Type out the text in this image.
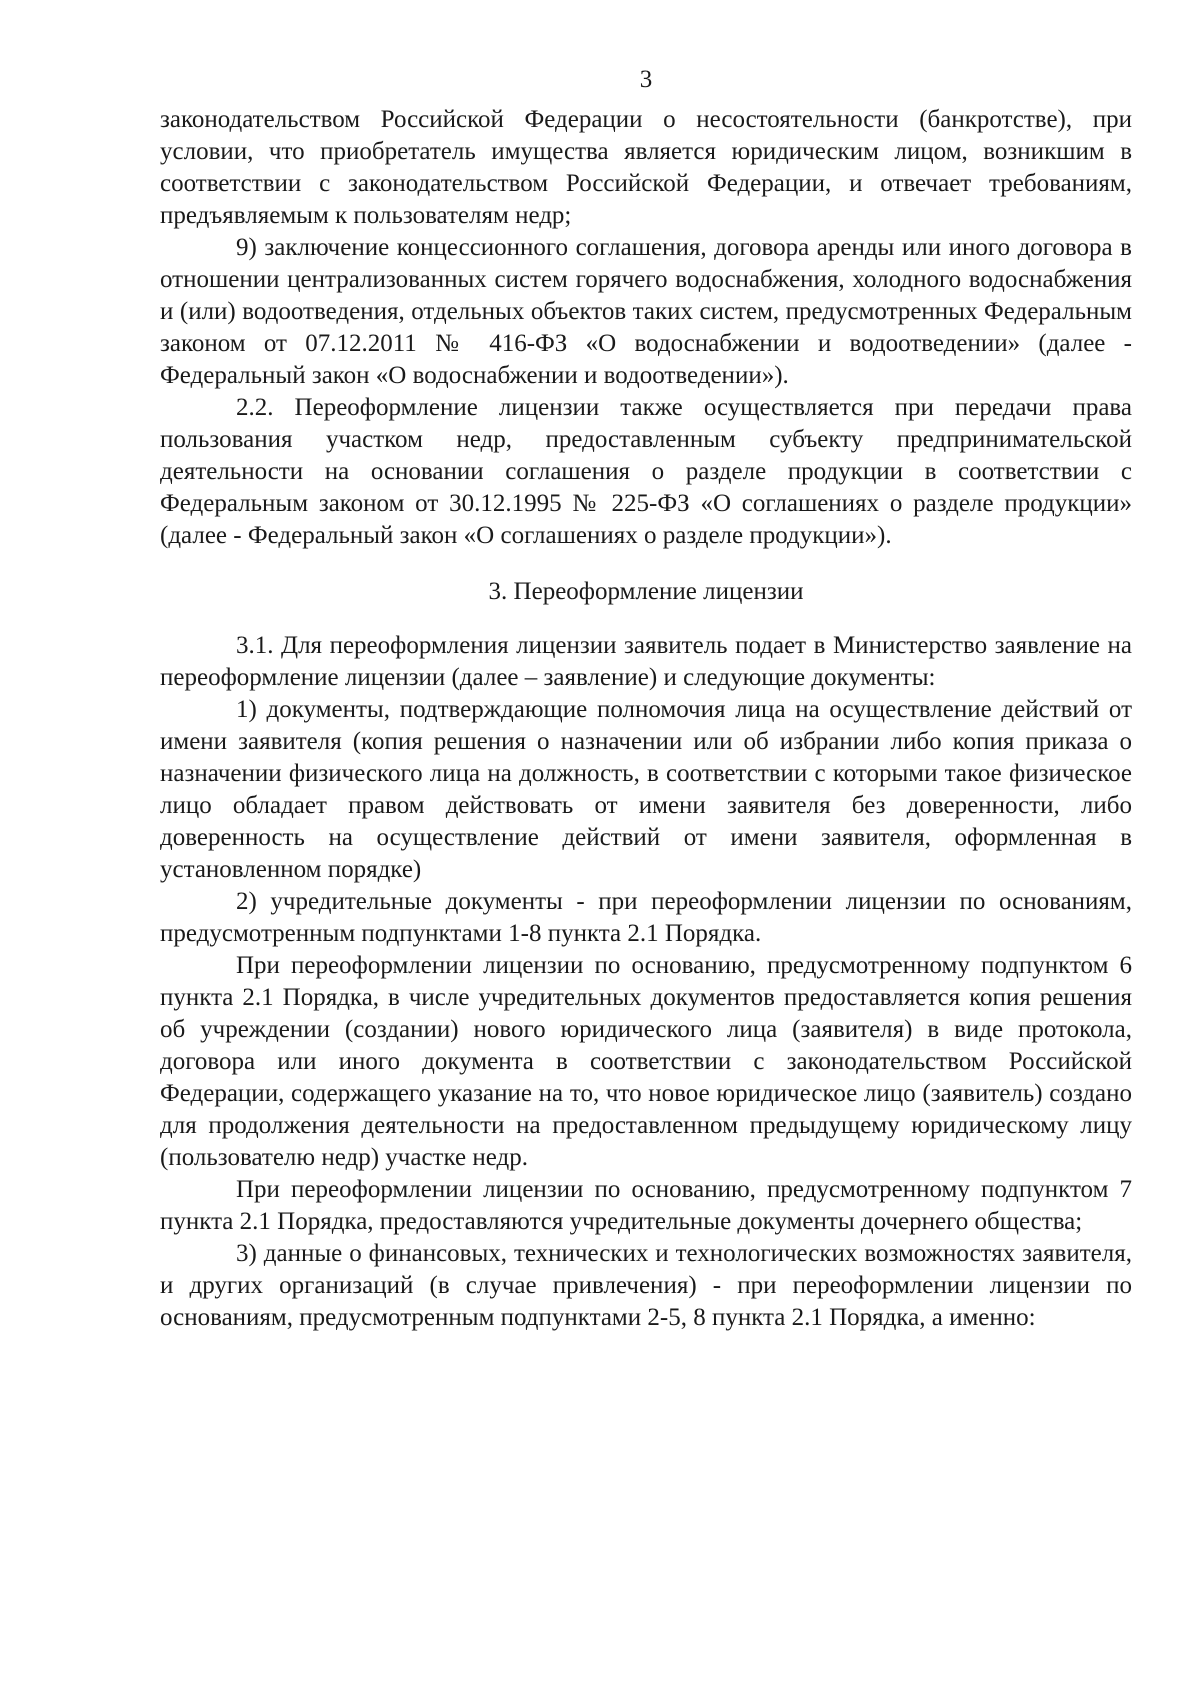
3

законодательством Российской Федерации о несостоятельности (банкротстве), при условии, что приобретатель имущества является юридическим лицом, возникшим в соответствии с законодательством Российской Федерации, и отвечает требованиям, предъявляемым к пользователям недр;

9) заключение концессионного соглашения, договора аренды или иного договора в отношении централизованных систем горячего водоснабжения, холодного водоснабжения и (или) водоотведения, отдельных объектов таких систем, предусмотренных Федеральным законом от 07.12.2011 № 416-ФЗ «О водоснабжении и водоотведении» (далее - Федеральный закон «О водоснабжении и водоотведении»).

2.2. Переоформление лицензии также осуществляется при передачи права пользования участком недр, предоставленным субъекту предпринимательской деятельности на основании соглашения о разделе продукции в соответствии с Федеральным законом от 30.12.1995 № 225-ФЗ «О соглашениях о разделе продукции» (далее - Федеральный закон «О соглашениях о разделе продукции»).

3. Переоформление лицензии

3.1. Для переоформления лицензии заявитель подает в Министерство заявление на переоформление лицензии (далее – заявление) и следующие документы:

1) документы, подтверждающие полномочия лица на осуществление действий от имени заявителя (копия решения о назначении или об избрании либо копия приказа о назначении физического лица на должность, в соответствии с которыми такое физическое лицо обладает правом действовать от имени заявителя без доверенности, либо доверенность на осуществление действий от имени заявителя, оформленная в установленном порядке)

2) учредительные документы - при переоформлении лицензии по основаниям, предусмотренным подпунктами 1-8 пункта 2.1 Порядка.

При переоформлении лицензии по основанию, предусмотренному подпунктом 6 пункта 2.1 Порядка, в числе учредительных документов предоставляется копия решения об учреждении (создании) нового юридического лица (заявителя) в виде протокола, договора или иного документа в соответствии с законодательством Российской Федерации, содержащего указание на то, что новое юридическое лицо (заявитель) создано для продолжения деятельности на предоставленном предыдущему юридическому лицу (пользователю недр) участке недр.

При переоформлении лицензии по основанию, предусмотренному подпунктом 7 пункта 2.1 Порядка, предоставляются учредительные документы дочернего общества;

3) данные о финансовых, технических и технологических возможностях заявителя, и других организаций (в случае привлечения) - при переоформлении лицензии по основаниям, предусмотренным подпунктами 2-5, 8 пункта 2.1 Порядка, а именно:
